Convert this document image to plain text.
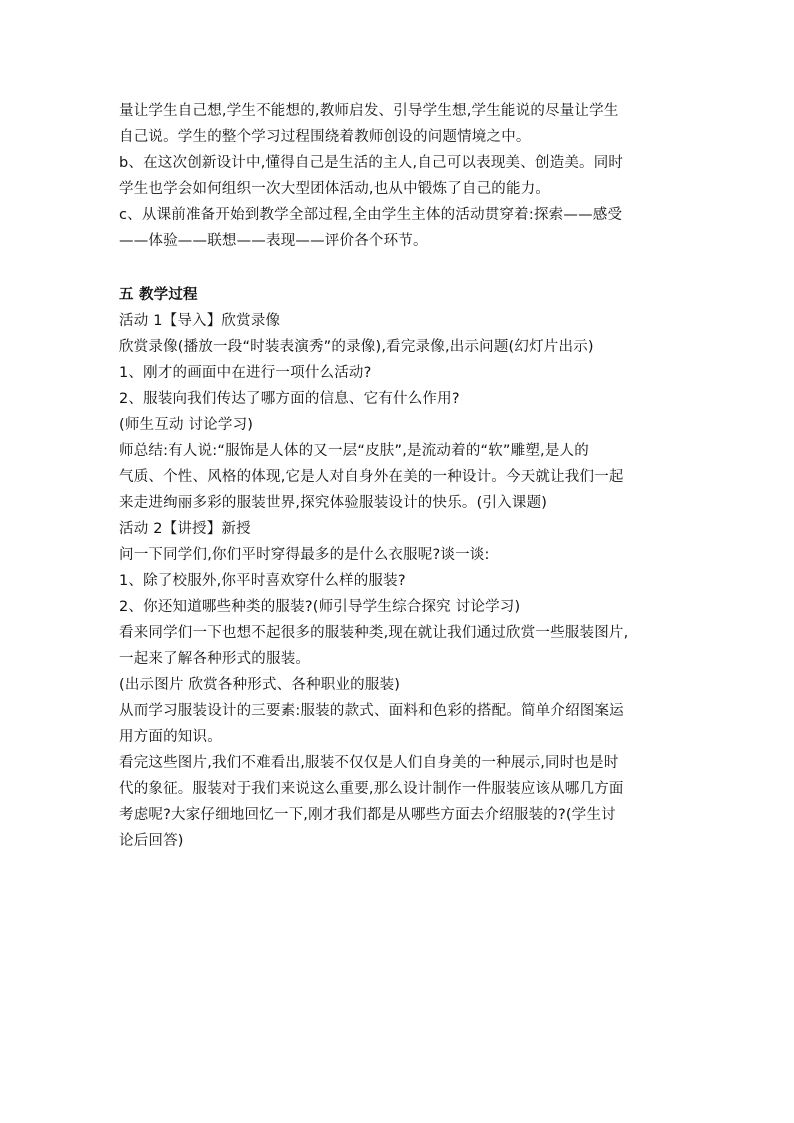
量让学生自己想,学生不能想的,教师启发、引导学生想,学生能说的尽量让学生
自己说。学生的整个学习过程围绕着教师创设的问题情境之中。
b、在这次创新设计中,懂得自己是生活的主人,自己可以表现美、创造美。同时
学生也学会如何组织一次大型团体活动,也从中锻炼了自己的能力。
c、从课前准备开始到教学全部过程,全由学生主体的活动贯穿着:探索——感受
——体验——联想——表现——评价各个环节。
五 教学过程
活动 1【导入】欣赏录像
欣赏录像(播放一段“时装表演秀”的录像),看完录像,出示问题(幻灯片出示)
1、刚才的画面中在进行一项什么活动?
2、服装向我们传达了哪方面的信息、它有什么作用?
(师生互动 讨论学习)
师总结:有人说:“服饰是人体的又一层“皮肤”,是流动着的“软”雕塑,是人的
气质、个性、风格的体现,它是人对自身外在美的一种设计。今天就让我们一起
来走进绚丽多彩的服装世界,探究体验服装设计的快乐。(引入课题)
活动 2【讲授】新授
问一下同学们,你们平时穿得最多的是什么衣服呢?谈一谈:
1、除了校服外,你平时喜欢穿什么样的服装?
2、你还知道哪些种类的服装?(师引导学生综合探究 讨论学习)
看来同学们一下也想不起很多的服装种类,现在就让我们通过欣赏一些服装图片,
一起来了解各种形式的服装。
(出示图片 欣赏各种形式、各种职业的服装)
从而学习服装设计的三要素:服装的款式、面料和色彩的搭配。简单介绍图案运
用方面的知识。
看完这些图片,我们不难看出,服装不仅仅是人们自身美的一种展示,同时也是时
代的象征。服装对于我们来说这么重要,那么设计制作一件服装应该从哪几方面
考虑呢?大家仔细地回忆一下,刚才我们都是从哪些方面去介绍服装的?(学生讨
论后回答)
